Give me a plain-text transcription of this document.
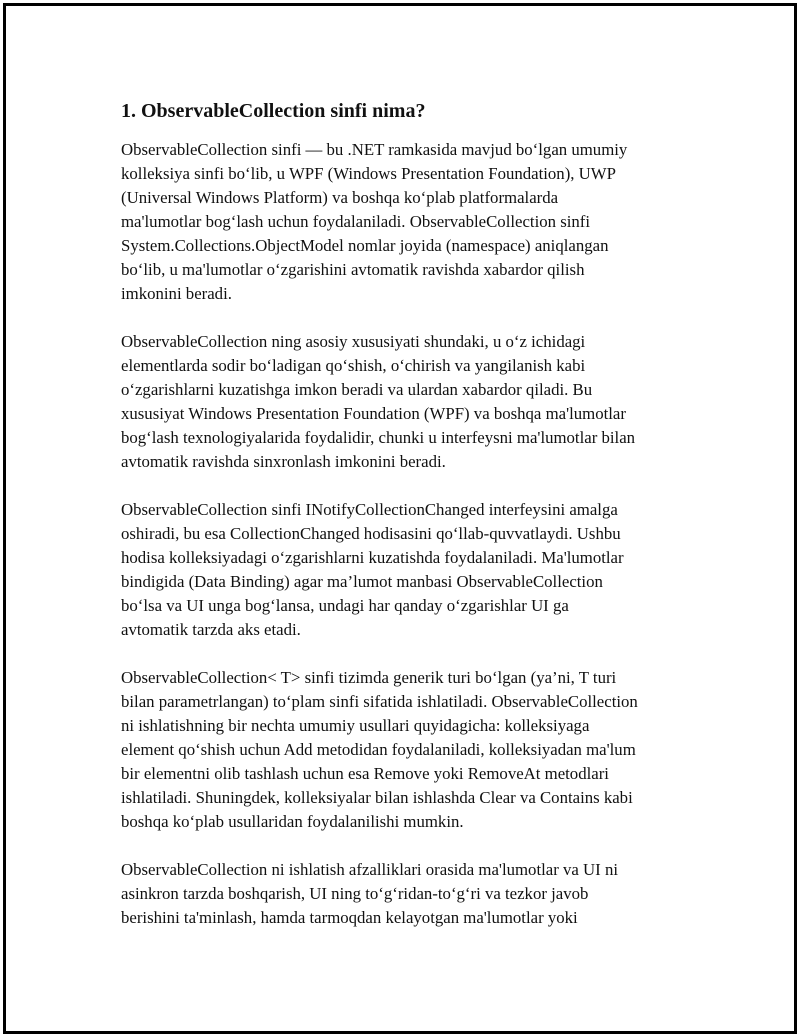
1. ObservableCollection sinfi nima?

ObservableCollection sinfi — bu .NET ramkasida mavjud bo‘lgan umumiy
kolleksiya sinfi bo‘lib, u WPF (Windows Presentation Foundation), UWP
(Universal Windows Platform) va boshqa ko‘plab platformalarda
ma'lumotlar bog‘lash uchun foydalaniladi. ObservableCollection sinfi
System.Collections.ObjectModel nomlar joyida (namespace) aniqlangan
bo‘lib, u ma'lumotlar o‘zgarishini avtomatik ravishda xabardor qilish
imkonini beradi.

ObservableCollection ning asosiy xususiyati shundaki, u o‘z ichidagi
elementlarda sodir bo‘ladigan qo‘shish, o‘chirish va yangilanish kabi
o‘zgarishlarni kuzatishga imkon beradi va ulardan xabardor qiladi. Bu
xususiyat Windows Presentation Foundation (WPF) va boshqa ma'lumotlar
bog‘lash texnologiyalarida foydalidir, chunki u interfeysni ma'lumotlar bilan
avtomatik ravishda sinxronlash imkonini beradi.

ObservableCollection sinfi INotifyCollectionChanged interfeysini amalga
oshiradi, bu esa CollectionChanged hodisasini qo‘llab-quvvatlaydi. Ushbu
hodisa kolleksiyadagi o‘zgarishlarni kuzatishda foydalaniladi. Ma'lumotlar
bindigida (Data Binding) agar ma’lumot manbasi ObservableCollection
bo‘lsa va UI unga bog‘lansa, undagi har qanday o‘zgarishlar UI ga
avtomatik tarzda aks etadi.

ObservableCollection< T> sinfi tizimda generik turi bo‘lgan (ya’ni, T turi
bilan parametrlangan) to‘plam sinfi sifatida ishlatiladi. ObservableCollection
ni ishlatishning bir nechta umumiy usullari quyidagicha: kolleksiyaga
element qo‘shish uchun Add metodidan foydalaniladi, kolleksiyadan ma'lum
bir elementni olib tashlash uchun esa Remove yoki RemoveAt metodlari
ishlatiladi. Shuningdek, kolleksiyalar bilan ishlashda Clear va Contains kabi
boshqa ko‘plab usullaridan foydalanilishi mumkin.

ObservableCollection ni ishlatish afzalliklari orasida ma'lumotlar va UI ni
asinkron tarzda boshqarish, UI ning to‘g‘ridan-to‘g‘ri va tezkor javob
berishini ta'minlash, hamda tarmoqdan kelayotgan ma'lumotlar yoki
